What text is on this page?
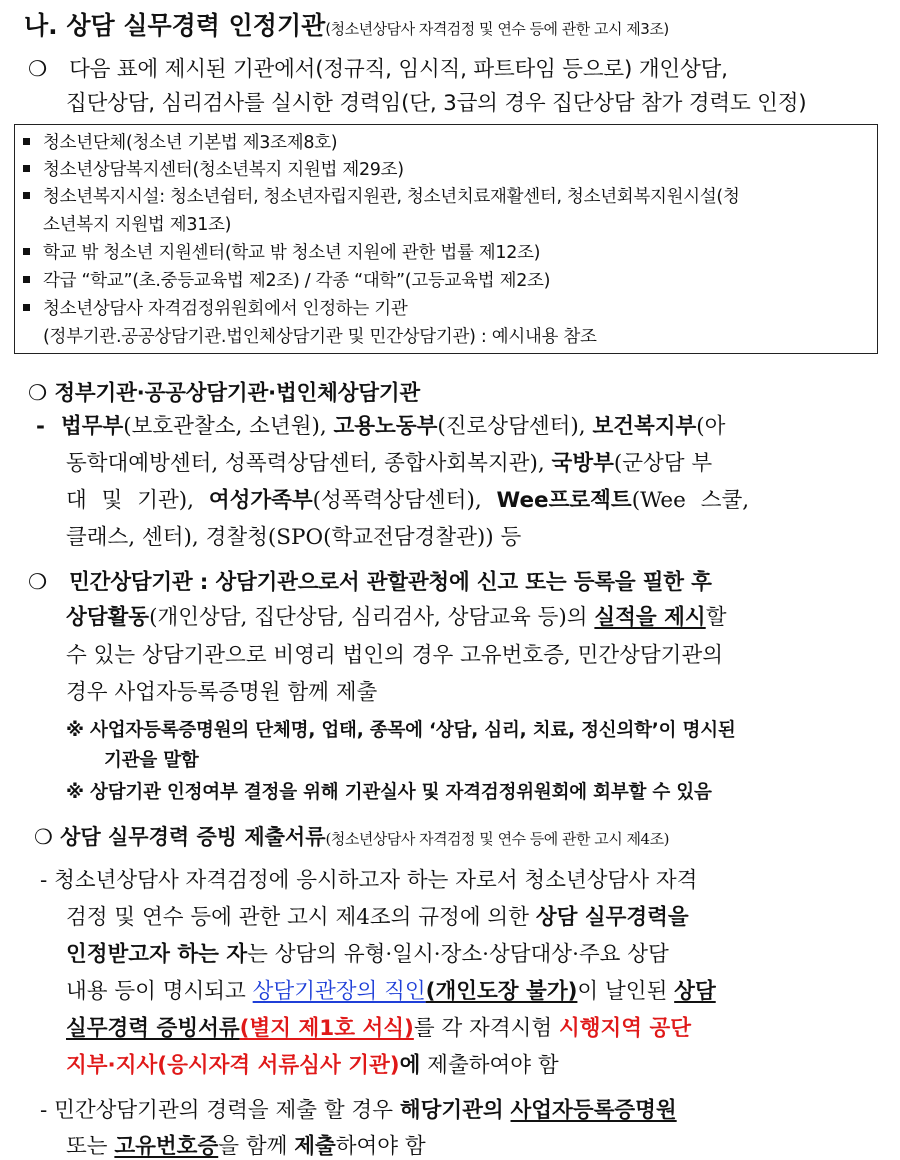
나. 상담 실무경력 인정기관(청소년상담사 자격검정 및 연수 등에 관한 고시 제3조)
❍ 다음 표에 제시된 기관에서(정규직, 임시직, 파트타임 등으로) 개인상담,
집단상담, 심리검사를 실시한 경력임(단, 3급의 경우 집단상담 참가 경력도 인정)
청소년단체(청소년 기본법 제3조제8호)
청소년상담복지센터(청소년복지 지원법 제29조)
청소년복지시설: 청소년쉼터, 청소년자립지원관, 청소년치료재활센터, 청소년회복지원시설(청
소년복지 지원법 제31조)
학교 밖 청소년 지원센터(학교 밖 청소년 지원에 관한 법률 제12조)
각급 “학교”(초.중등교육법 제2조) / 각종 “대학”(고등교육법 제2조)
청소년상담사 자격검정위원회에서 인정하는 기관
(정부기관.공공상담기관.법인체상담기관 및 민간상담기관) : 예시내용 참조
❍ 정부기관·공공상담기관·법인체상담기관
- 법무부(보호관찰소, 소년원), 고용노동부(진로상담센터), 보건복지부(아
동학대예방센터, 성폭력상담센터, 종합사회복지관), 국방부(군상담 부
대 및 기관), 여성가족부(성폭력상담센터), Wee프로젝트(Wee 스쿨,
클래스, 센터), 경찰청(SPO(학교전담경찰관)) 등
❍ 민간상담기관 : 상담기관으로서 관할관청에 신고 또는 등록을 필한 후
상담활동(개인상담, 집단상담, 심리검사, 상담교육 등)의 실적을 제시할
수 있는 상담기관으로 비영리 법인의 경우 고유번호증, 민간상담기관의
경우 사업자등록증명원 함께 제출
※ 사업자등록증명원의 단체명, 업태, 종목에 ‘상담, 심리, 치료, 정신의학’이 명시된
기관을 말함
※ 상담기관 인정여부 결정을 위해 기관실사 및 자격검정위원회에 회부할 수 있음
❍ 상담 실무경력 증빙 제출서류(청소년상담사 자격검정 및 연수 등에 관한 고시 제4조)
- 청소년상담사 자격검정에 응시하고자 하는 자로서 청소년상담사 자격
검정 및 연수 등에 관한 고시 제4조의 규정에 의한 상담 실무경력을
인정받고자 하는 자는 상담의 유형·일시·장소·상담대상·주요 상담
내용 등이 명시되고 상담기관장의 직인(개인도장 불가)이 날인된 상담
실무경력 증빙서류(별지 제1호 서식)를 각 자격시험 시행지역 공단
지부·지사(응시자격 서류심사 기관)에 제출하여야 함
- 민간상담기관의 경력을 제출 할 경우 해당기관의 사업자등록증명원
또는 고유번호증을 함께 제출하여야 함
